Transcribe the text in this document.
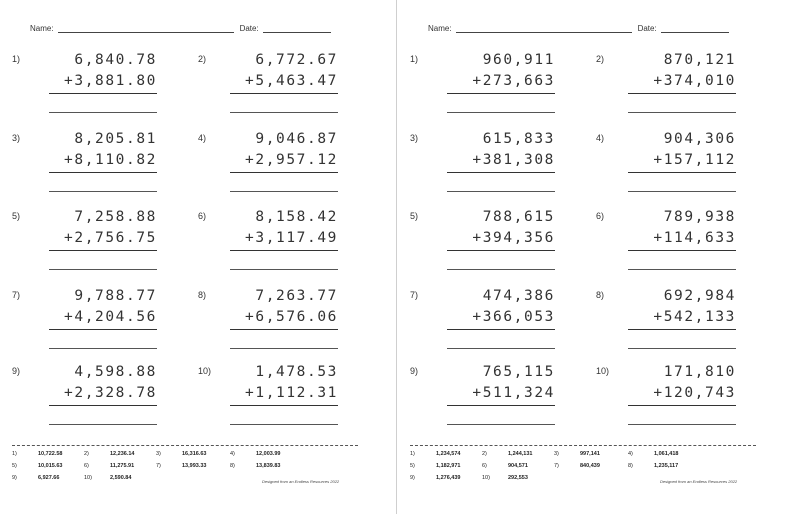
Name:	Date:
1)	6,840.78
+3,881.80
2)	6,772.67
+5,463.47
3)	8,205.81
+8,110.82
4)	9,046.87
+2,957.12
5)	7,258.88
+2,756.75
6)	8,158.42
+3,117.49
7)	9,788.77
+4,204.56
8)	7,263.77
+6,576.06
9)	4,598.88
+2,328.78
10)	1,478.53
+1,112.31
1)	10,722.58	2)	12,236.14	3)	16,316.63	4)	12,003.99
5)	10,015.63	6)	11,275.91	7)	13,993.33	8)	13,839.83
9)	6,927.66	10)	2,590.84
Designed from an Endless Resources 2022
Name:	Date:
1)	960,911
+273,663
2)	870,121
+374,010
3)	615,833
+381,308
4)	904,306
+157,112
5)	788,615
+394,356
6)	789,938
+114,633
7)	474,386
+366,053
8)	692,984
+542,133
9)	765,115
+511,324
10)	171,810
+120,743
1)	1,234,574	2)	1,244,131	3)	997,141	4)	1,061,418
5)	1,182,971	6)	904,571	7)	840,439	8)	1,235,117
9)	1,276,439	10)	292,553
Designed from an Endless Resources 2022
